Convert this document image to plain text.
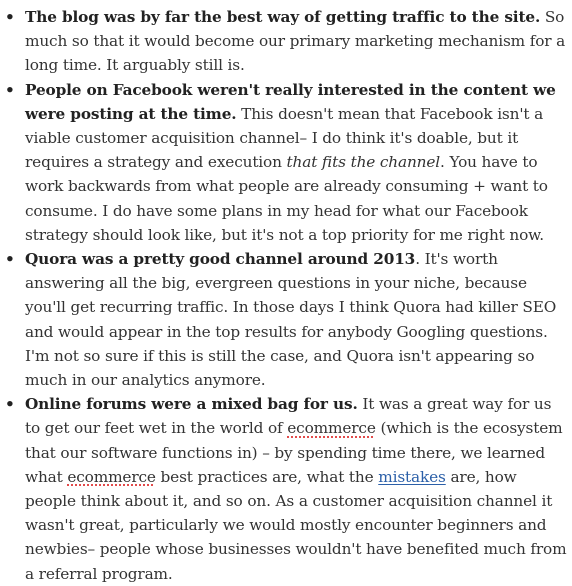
• The blog was by far the best way of getting traffic to the site. So much so that it would become our primary marketing mechanism for a long time. It arguably still is.
• People on Facebook weren't really interested in the content we were posting at the time. This doesn't mean that Facebook isn't a viable customer acquisition channel– I do think it's doable, but it requires a strategy and execution that fits the channel. You have to work backwards from what people are already consuming + want to consume. I do have some plans in my head for what our Facebook strategy should look like, but it's not a top priority for me right now.
• Quora was a pretty good channel around 2013. It's worth answering all the big, evergreen questions in your niche, because you'll get recurring traffic. In those days I think Quora had killer SEO and would appear in the top results for anybody Googling questions. I'm not so sure if this is still the case, and Quora isn't appearing so much in our analytics anymore.
• Online forums were a mixed bag for us. It was a great way for us to get our feet wet in the world of ecommerce (which is the ecosystem that our software functions in) – by spending time there, we learned what ecommerce best practices are, what the mistakes are, how people think about it, and so on. As a customer acquisition channel it wasn't great, particularly we would mostly encounter beginners and newbies– people whose businesses wouldn't have benefited much from a referral program.
